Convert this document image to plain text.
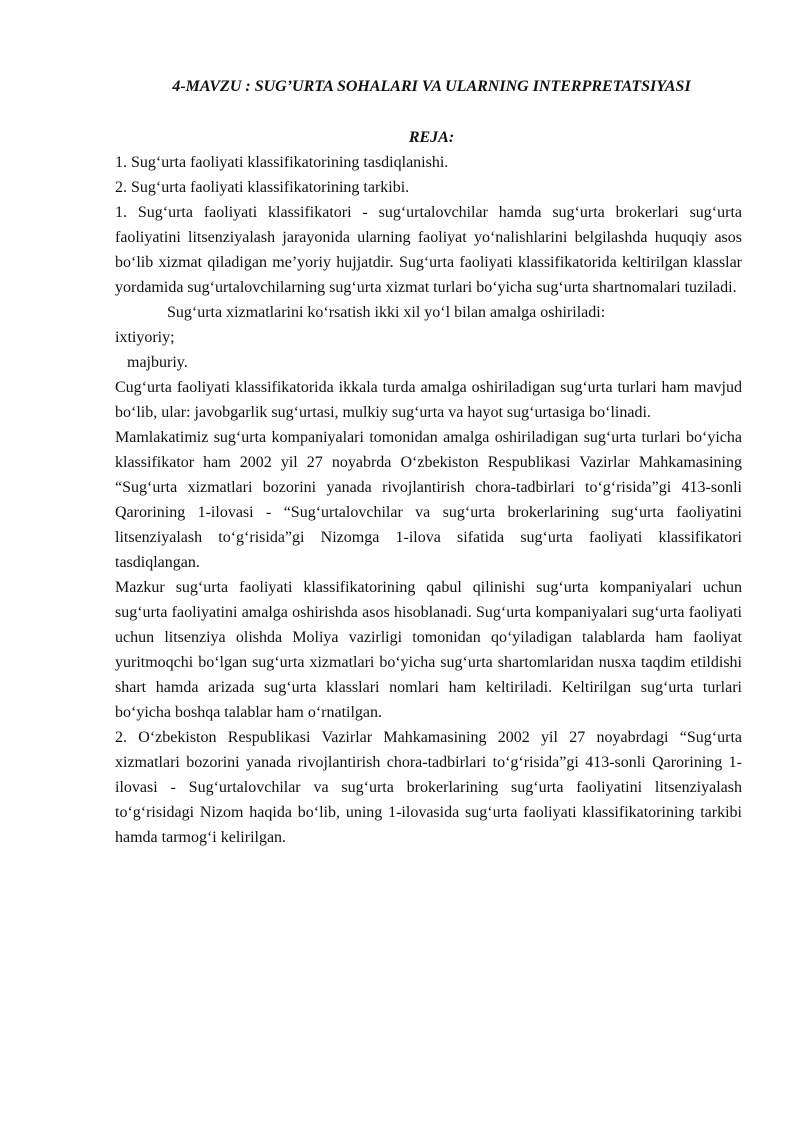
4-MAVZU : SUG’URTA SOHALARI VA ULARNING INTERPRETATSIYASI

REJA:

1. Sug‘urta faoliyati klassifikatorining tasdiqlanishi.

2. Sug‘urta faoliyati klassifikatorining tarkibi.

1. Sug‘urta faoliyati klassifikatori - sug‘urtalovchilar hamda sug‘urta brokerlari sug‘urta faoliyatini litsenziyalash jarayonida ularning faoliyat yo‘nalishlarini belgilashda huquqiy asos bo‘lib xizmat qiladigan me’yoriy hujjatdir. Sug‘urta faoliyati klassifikatorida keltirilgan klasslar yordamida sug‘urtalovchilarning sug‘urta xizmat turlari bo‘yicha sug‘urta shartnomalari tuziladi.

Sug‘urta xizmatlarini ko‘rsatish ikki xil yo‘l bilan amalga oshiriladi:

ixtiyoriy;

majburiy.

Cug‘urta faoliyati klassifikatorida ikkala turda amalga oshiriladigan sug‘urta turlari ham mavjud bo‘lib, ular: javobgarlik sug‘urtasi, mulkiy sug‘urta va hayot sug‘urtasiga bo‘linadi.

Mamlakatimiz sug‘urta kompaniyalari tomonidan amalga oshiriladigan sug‘urta turlari bo‘yicha klassifikator ham 2002 yil 27 noyabrda O‘zbekiston Respublikasi Vazirlar Mahkamasining “Sug‘urta xizmatlari bozorini yanada rivojlantirish chora-tadbirlari to‘g‘risida”gi 413-sonli Qarorining 1-ilovasi - “Sug‘urtalovchilar va sug‘urta brokerlarining sug‘urta faoliyatini litsenziyalash to‘g‘risida”gi Nizomga 1-ilova sifatida sug‘urta faoliyati klassifikatori tasdiqlangan.

Mazkur sug‘urta faoliyati klassifikatorining qabul qilinishi sug‘urta kompaniyalari uchun sug‘urta faoliyatini amalga oshirishda asos hisoblanadi. Sug‘urta kompaniyalari sug‘urta faoliyati uchun litsenziya olishda Moliya vazirligi tomonidan qo‘yiladigan talablarda ham faoliyat yuritmoqchi bo‘lgan sug‘urta xizmatlari bo‘yicha sug‘urta shartomlaridan nusxa taqdim etildishi shart hamda arizada sug‘urta klasslari nomlari ham keltiriladi. Keltirilgan sug‘urta turlari bo‘yicha boshqa talablar ham o‘rnatilgan.

2. O‘zbekiston Respublikasi Vazirlar Mahkamasining 2002 yil 27 noyabrdagi “Sug‘urta xizmatlari bozorini yanada rivojlantirish chora-tadbirlari to‘g‘risida”gi 413-sonli Qarorining 1-ilovasi - Sug‘urtalovchilar va sug‘urta brokerlarining sug‘urta faoliyatini litsenziyalash to‘g‘risidagi Nizom haqida bo‘lib, uning 1-ilovasida sug‘urta faoliyati klassifikatorining tarkibi hamda tarmog‘i kelirilgan.
